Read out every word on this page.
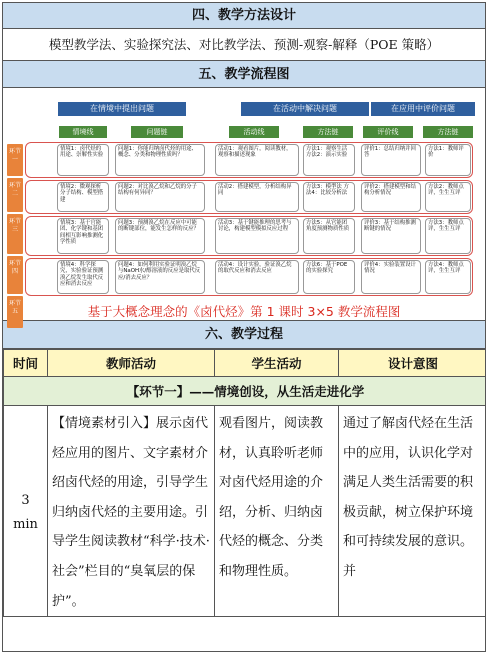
四、教学方法设计
模型教学法、实验探究法、对比教学法、预测-观察-解释（POE 策略）
五、教学流程图
在情境中提出问题	在活动中解决问题	在应用中评价问题
情境线	问题链	活动线	方法链	评价线	方法链
环节一
环节二
环节三
环节四
环节五
情境1：卤代烃的用途、崇解性实验
问题1：你能归纳卤代烃的用途、概念、分类和物理性质吗？
活动1：观看图片，阅读教材，观察和描述现象
方法1：观察生活 方法2：演示实验
评价1：总结归纳并回答
方法1：教师评价
情境2：微观探析分子结构、模型搭建
问题2：对比溴乙烷和乙烷的分子结构有何异同？
活动2：搭建模型，分析结构异同
方法3：模型法 方法4：比较分析法
评价2：搭建模型和结构分析情况
方法2：教师点评，生生互评
情境3：基于官能团、化学键和基团间相互影响推测化学性质
问题3：预测溴乙烷在反应中可能的断键部位，能发生怎样的反应？
活动3：基于键能推理的思考与讨论，构建模型模拟反应过程
方法5：从官能团角度预测物质性质
评价3：基于结构推测断键的情况
方法3：教师点评，生生互评
情境4：科学探究，实验验证预测溴乙烷发生取代反应和消去反应
问题4：如何利用实验证明溴乙烷与NaOH水/醇溶液的反应是取代反应/消去反应？
活动4：设计实验，验证溴乙烷的取代反应和消去反应
方法6：基于POE的实验探究
评价4：实验装置设计情况
方法4：教师点评，生生互评
基于大概念理念的《卤代烃》第 1 课时 3×5 教学流程图
六、教学过程
时间	教师活动	学生活动	设计意图
【环节一】——情境创设，从生活走进化学			
3
min	【情境素材引入】展示卤代烃应用的图片、文字素材介绍卤代烃的用途，引导学生归纳卤代烃的主要用途。引导学生阅读教材“科学·技术·社会”栏目的“臭氧层的保护”。	观看图片，阅读教材，认真聆听老师对卤代烃用途的介绍，分析、归纳卤代烃的概念、分类和物理性质。	通过了解卤代烃在生活中的应用，认识化学对满足人类生活需要的积极贡献，树立保护环境和可持续发展的意识。并
